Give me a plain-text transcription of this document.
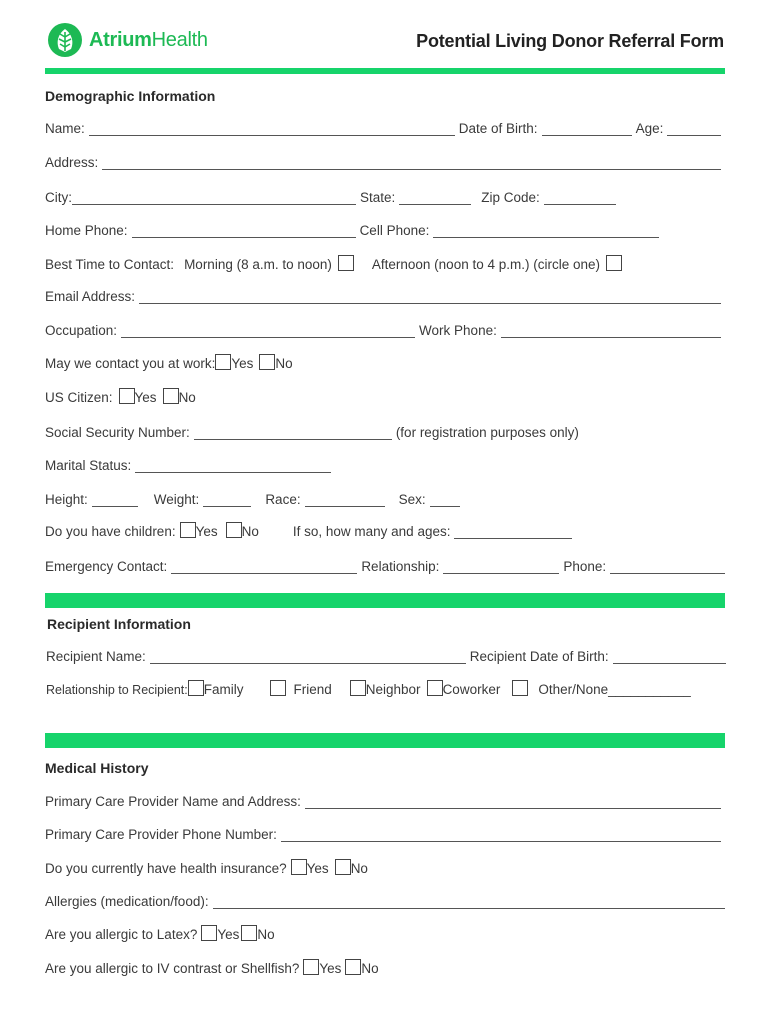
AtriumHealth	Potential Living Donor Referral Form
Demographic Information
Name:	Date of Birth:	Age:
Address:
City:	State:	Zip Code:
Home Phone:	Cell Phone:
Best Time to Contact: Morning (8 a.m. to noon)	Afternoon (noon to 4 p.m.) (circle one)
Email Address:
Occupation:	Work Phone:
May we contact you at work: Yes No
US Citizen: Yes No
Social Security Number:	(for registration purposes only)
Marital Status:
Height:	Weight:	Race:	Sex:
Do you have children: Yes No	If so, how many and ages:
Emergency Contact:	Relationship:	Phone:
Recipient Information
Recipient Name:	Recipient Date of Birth:
Relationship to Recipient: Family	Friend	Neighbor Coworker	Other/None___________
Medical History
Primary Care Provider Name and Address:
Primary Care Provider Phone Number:
Do you currently have health insurance? Yes No
Allergies (medication/food):
Are you allergic to Latex? Yes No
Are you allergic to IV contrast or Shellfish? Yes No
